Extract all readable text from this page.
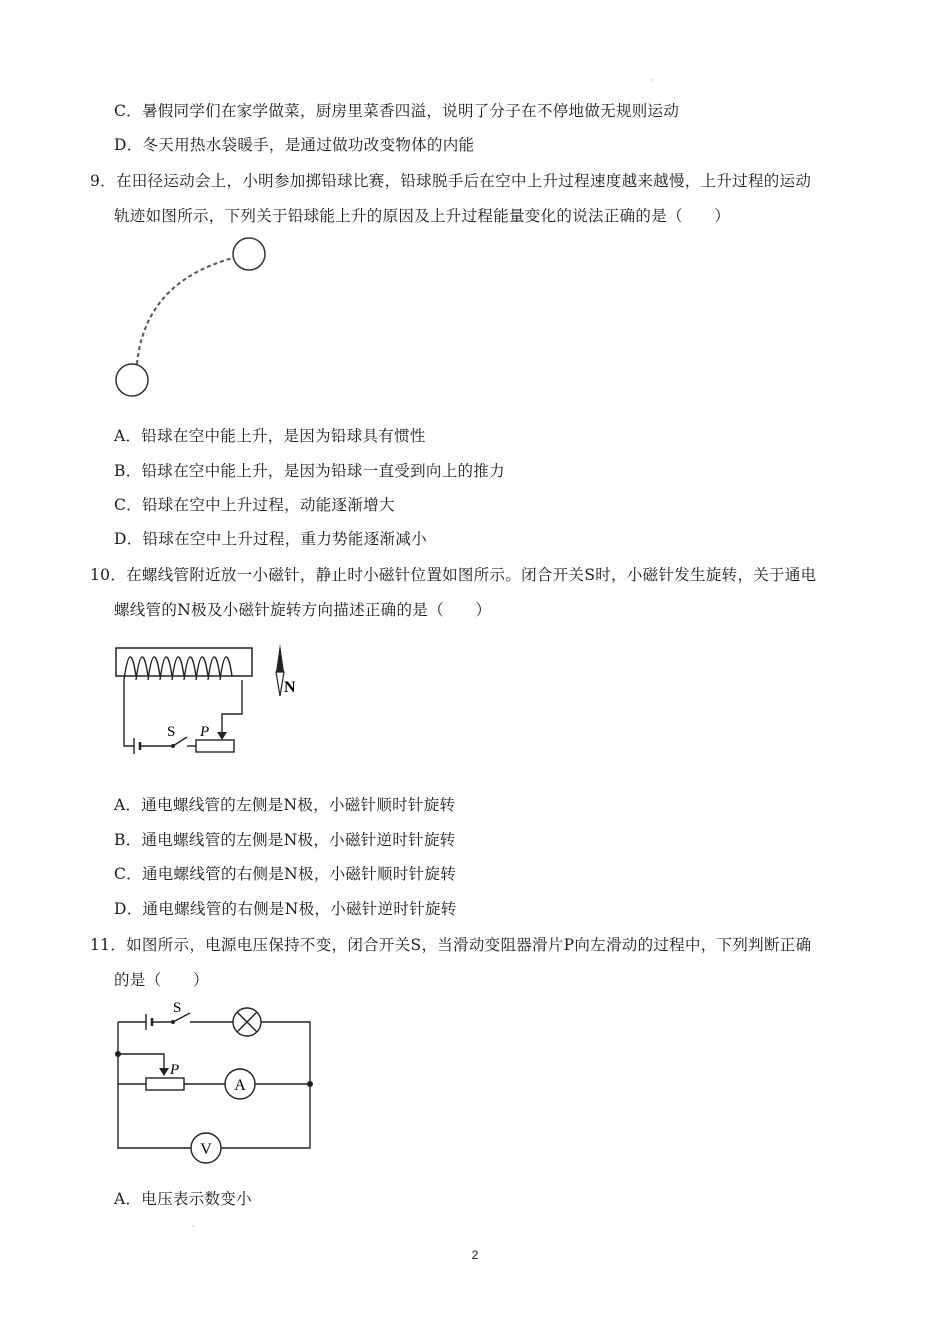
·
C．暑假同学们在家学做菜，厨房里菜香四溢，说明了分子在不停地做无规则运动
D．冬天用热水袋暖手，是通过做功改变物体的内能
9．在田径运动会上，小明参加掷铅球比赛，铅球脱手后在空中上升过程速度越来越慢，上升过程的运动
轨迹如图所示，下列关于铅球能上升的原因及上升过程能量变化的说法正确的是（　　）
A．铅球在空中能上升，是因为铅球具有惯性
B．铅球在空中能上升，是因为铅球一直受到向上的推力
C．铅球在空中上升过程，动能逐渐增大
D．铅球在空中上升过程，重力势能逐渐减小
10．在螺线管附近放一小磁针，静止时小磁针位置如图所示。闭合开关S时，小磁针发生旋转，关于通电
螺线管的N极及小磁针旋转方向描述正确的是（　　）
N
S P
A．通电螺线管的左侧是N极，小磁针顺时针旋转
B．通电螺线管的左侧是N极，小磁针逆时针旋转
C．通电螺线管的右侧是N极，小磁针顺时针旋转
D．通电螺线管的右侧是N极，小磁针逆时针旋转
11．如图所示，电源电压保持不变，闭合开关S，当滑动变阻器滑片P向左滑动的过程中，下列判断正确
的是（　　）
V
P
A
S
A．电压表示数变小
·
2
